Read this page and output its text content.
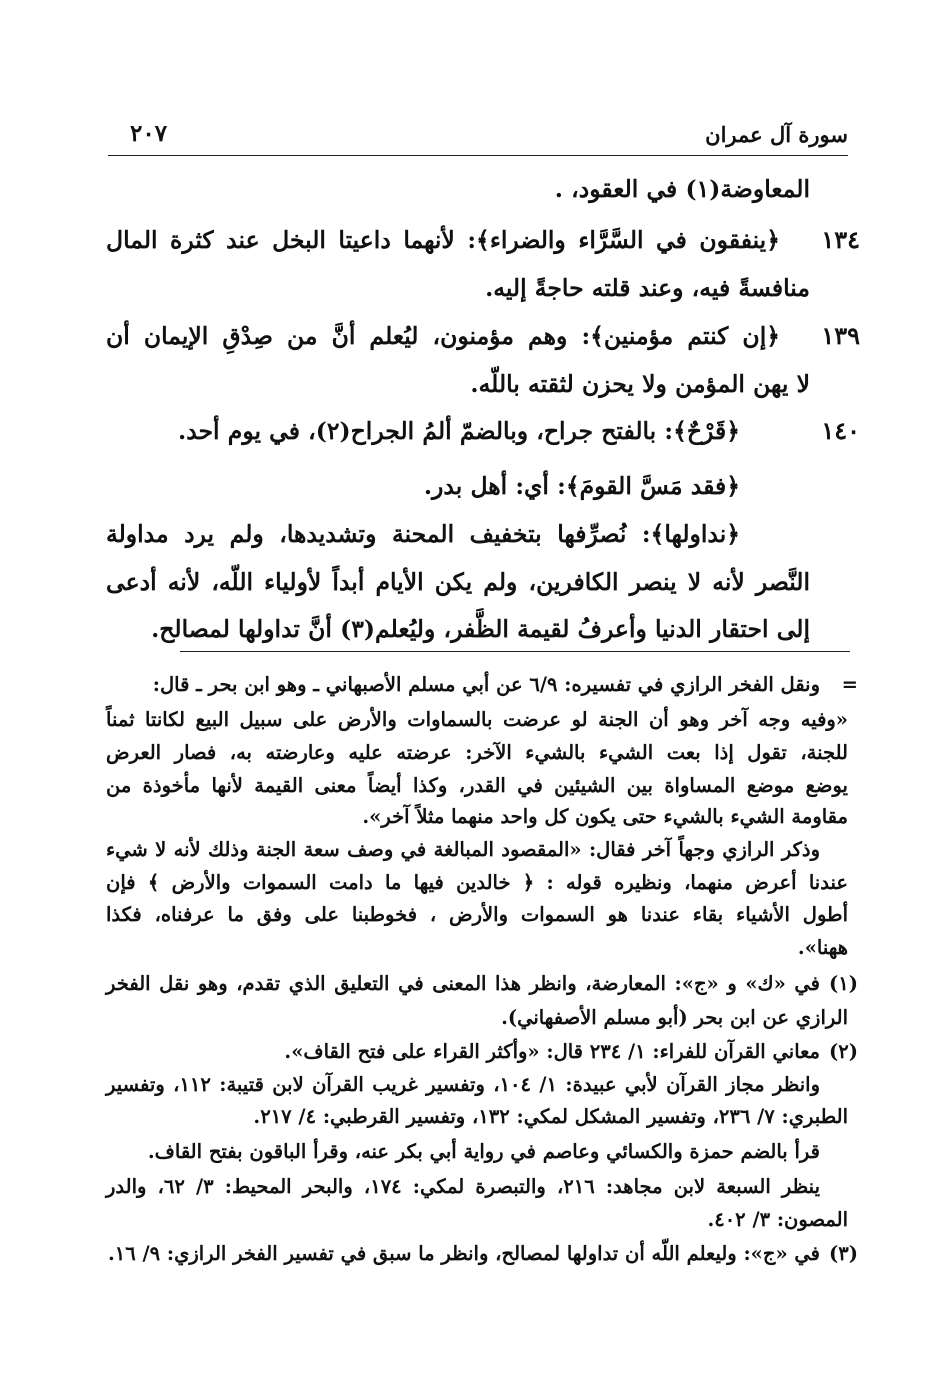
سورة آل عمران
٢٠٧
المعاوضة(١) في العقود، .
١٣٤
﴿ينفقون في السَّرَّاء والضراء﴾: لأنهما داعيتا البخل عند كثرة المال
منافسةً فيه، وعند قلته حاجةً إليه.
١٣٩
﴿إن كنتم مؤمنين﴾: وهم مؤمنون، ليُعلم أنَّ من صِدْقِ الإيمان أن
لا يهن المؤمن ولا يحزن لثقته باللّه.
١٤٠
﴿قَرْحٌ﴾: بالفتح جراح، وبالضمّ ألمُ الجراح(٢)، في يوم أحد.
﴿فقد مَسَّ القومَ﴾: أي: أهل بدر.
﴿نداولها﴾: نُصرِّفها بتخفيف المحنة وتشديدها، ولم يرد مداولة
النَّصر لأنه لا ينصر الكافرين، ولم يكن الأيام أبداً لأولياء اللّه، لأنه أدعى
إلى احتقار الدنيا وأعرفُ لقيمة الظَّفر، وليُعلم(٣) أنَّ تداولها لمصالح.
=
ونقل الفخر الرازي في تفسيره: ٦/٩ عن أبي مسلم الأصبهاني ـ وهو ابن بحر ـ قال:
«وفيه وجه آخر وهو أن الجنة لو عرضت بالسماوات والأرض على سبيل البيع لكانتا ثمناً
للجنة، تقول إذا بعت الشيء بالشيء الآخر: عرضته عليه وعارضته به، فصار العرض
يوضع موضع المساواة بين الشيئين في القدر، وكذا أيضاً معنى القيمة لأنها مأخوذة من
مقاومة الشيء بالشيء حتى يكون كل واحد منهما مثلاً آخر».
وذكر الرازي وجهاً آخر فقال: «المقصود المبالغة في وصف سعة الجنة وذلك لأنه لا شيء
عندنا أعرض منهما، ونظيره قوله : ﴿ خالدين فيها ما دامت السموات والأرض ﴾ فإن
أطول الأشياء بقاء عندنا هو السموات والأرض ، فخوطبنا على وفق ما عرفناه، فكذا
ههنا».
(١)
في «ك» و «ج»: المعارضة، وانظر هذا المعنى في التعليق الذي تقدم، وهو نقل الفخر
الرازي عن ابن بحر (أبو مسلم الأصفهاني).
(٢)
معاني القرآن للفراء: ١/ ٢٣٤ قال: «وأكثر القراء على فتح القاف».
وانظر مجاز القرآن لأبي عبيدة: ١/ ١٠٤، وتفسير غريب القرآن لابن قتيبة: ١١٢، وتفسير
الطبري: ٧/ ٢٣٦، وتفسير المشكل لمكي: ١٣٢، وتفسير القرطبي: ٤/ ٢١٧.
قرأ بالضم حمزة والكسائي وعاصم في رواية أبي بكر عنه، وقرأ الباقون بفتح القاف.
ينظر السبعة لابن مجاهد: ٢١٦، والتبصرة لمكي: ١٧٤، والبحر المحيط: ٣/ ٦٢، والدر
المصون: ٣/ ٤٠٢.
(٣)
في «ج»: وليعلم اللّه أن تداولها لمصالح، وانظر ما سبق في تفسير الفخر الرازي: ٩/ ١٦.
